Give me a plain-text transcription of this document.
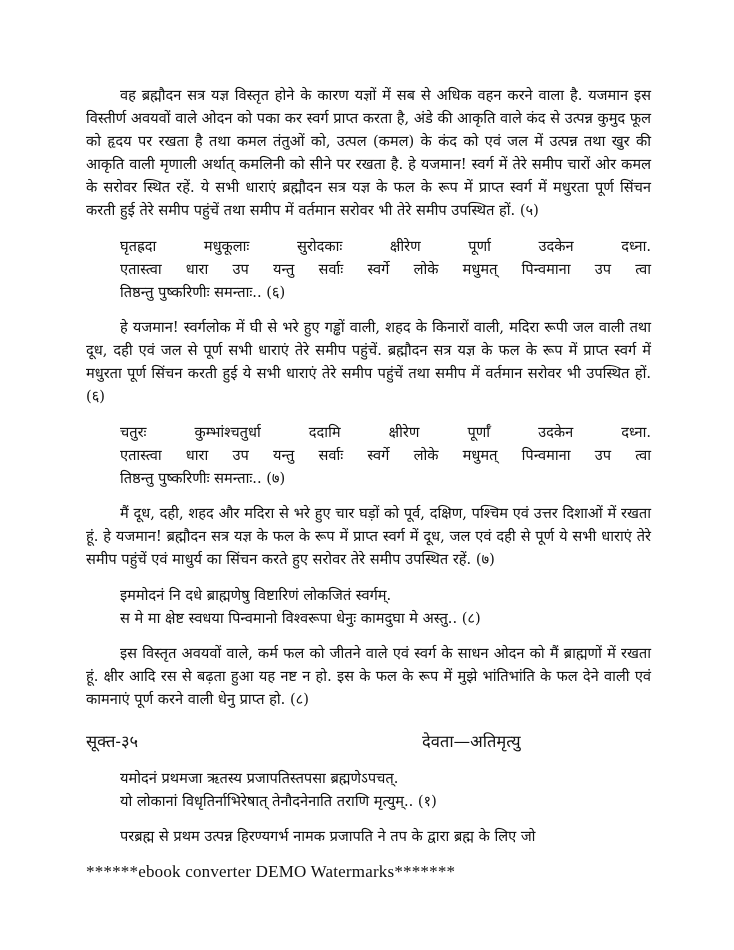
वह ब्रह्मौदन सत्र यज्ञ विस्तृत होने के कारण यज्ञों में सब से अधिक वहन करने वाला है. यजमान इस विस्तीर्ण अवयवों वाले ओदन को पका कर स्वर्ग प्राप्त करता है, अंडे की आकृति वाले कंद से उत्पन्न कुमुद फूल को हृदय पर रखता है तथा कमल तंतुओं को, उत्पल (कमल) के कंद को एवं जल में उत्पन्न तथा खुर की आकृति वाली मृणाली अर्थात् कमलिनी को सीने पर रखता है. हे यजमान! स्वर्ग में तेरे समीप चारों ओर कमल के सरोवर स्थित रहें. ये सभी धाराएं ब्रह्मौदन सत्र यज्ञ के फल के रूप में प्राप्त स्वर्ग में मधुरता पूर्ण सिंचन करती हुई तेरे समीप पहुंचें तथा समीप में वर्तमान सरोवर भी तेरे समीप उपस्थित हों. (५)

घृतह्रदा मधुकूलाः सुरोदकाः क्षीरेण पूर्णा उदकेन दध्ना.
एतास्त्वा धारा उप यन्तु सर्वाः स्वर्गे लोके मधुमत् पिन्वमाना उप त्वा
तिष्ठन्तु पुष्करिणीः समन्ताः.. (६)

हे यजमान! स्वर्गलोक में घी से भरे हुए गड्ढों वाली, शहद के किनारों वाली, मदिरा रूपी जल वाली तथा दूध, दही एवं जल से पूर्ण सभी धाराएं तेरे समीप पहुंचें. ब्रह्मौदन सत्र यज्ञ के फल के रूप में प्राप्त स्वर्ग में मधुरता पूर्ण सिंचन करती हुई ये सभी धाराएं तेरे समीप पहुंचें तथा समीप में वर्तमान सरोवर भी उपस्थित हों. (६)

चतुरः कुम्भांश्चतुर्धा ददामि क्षीरेण पूर्णाँ उदकेन दध्ना.
एतास्त्वा धारा उप यन्तु सर्वाः स्वर्गे लोके मधुमत् पिन्वमाना उप त्वा
तिष्ठन्तु पुष्करिणीः समन्ताः.. (७)

मैं दूध, दही, शहद और मदिरा से भरे हुए चार घड़ों को पूर्व, दक्षिण, पश्चिम एवं उत्तर दिशाओं में रखता हूं. हे यजमान! ब्रह्मौदन सत्र यज्ञ के फल के रूप में प्राप्त स्वर्ग में दूध, जल एवं दही से पूर्ण ये सभी धाराएं तेरे समीप पहुंचें एवं माधुर्य का सिंचन करते हुए सरोवर तेरे समीप उपस्थित रहें. (७)

इममोदनं नि दधे ब्राह्मणेषु विष्टारिणं लोकजितं स्वर्गम्.
स मे मा क्षेष्ट स्वधया पिन्वमानो विश्वरूपा धेनुः कामदुघा मे अस्तु.. (८)

इस विस्तृत अवयवों वाले, कर्म फल को जीतने वाले एवं स्वर्ग के साधन ओदन को मैं ब्राह्मणों में रखता हूं. क्षीर आदि रस से बढ़ता हुआ यह नष्ट न हो. इस के फल के रूप में मुझे भांतिभांति के फल देने वाली एवं कामनाएं पूर्ण करने वाली धेनु प्राप्त हो. (८)

सूक्त-३५	देवता—अतिमृत्यु
यमोदनं प्रथमजा ऋतस्य प्रजापतिस्तपसा ब्रह्मणेऽपचत्.
यो लोकानां विधृतिर्नाभिरेषात् तेनौदनेनाति तराणि मृत्युम्.. (१)

परब्रह्म से प्रथम उत्पन्न हिरण्यगर्भ नामक प्रजापति ने तप के द्वारा ब्रह्म के लिए जो

******ebook converter DEMO Watermarks*******
